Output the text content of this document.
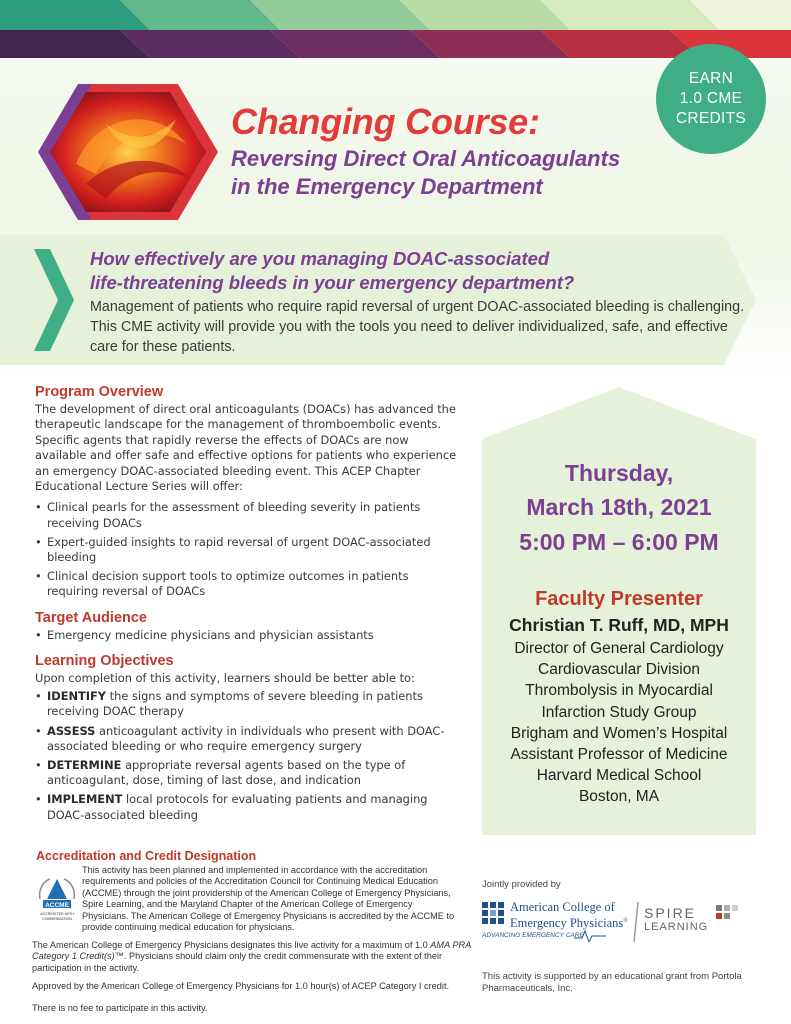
EARN
1.0 CME
CREDITS
Changing Course:
Reversing Direct Oral Anticoagulants
in the Emergency Department
How effectively are you managing DOAC-associated
life-threatening bleeds in your emergency department?
Management of patients who require rapid reversal of urgent DOAC-associated bleeding is challenging. This CME activity will provide you with the tools you need to deliver individualized, safe, and effective care for these patients.
Program Overview
The development of direct oral anticoagulants (DOACs) has advanced the therapeutic landscape for the management of thromboembolic events. Specific agents that rapidly reverse the effects of DOACs are now available and offer safe and effective options for patients who experience an emergency DOAC-associated bleeding event. This ACEP Chapter Educational Lecture Series will offer:
• Clinical pearls for the assessment of bleeding severity in patients receiving DOACs
• Expert-guided insights to rapid reversal of urgent DOAC-associated bleeding
• Clinical decision support tools to optimize outcomes in patients requiring reversal of DOACs
Target Audience
• Emergency medicine physicians and physician assistants
Learning Objectives
Upon completion of this activity, learners should be better able to:
• IDENTIFY the signs and symptoms of severe bleeding in patients receiving DOAC therapy
• ASSESS anticoagulant activity in individuals who present with DOAC-associated bleeding or who require emergency surgery
• DETERMINE appropriate reversal agents based on the type of anticoagulant, dose, timing of last dose, and indication
• IMPLEMENT local protocols for evaluating patients and managing DOAC-associated bleeding
Accreditation and Credit Designation
ACCME
ACCREDITED WITH
COMMENDATION
This activity has been planned and implemented in accordance with the accreditation requirements and policies of the Accreditation Council for Continuing Medical Education (ACCME) through the joint providership of the American College of Emergency Physicians, Spire Learning, and the Maryland Chapter of the American College of Emergency Physicians. The American College of Emergency Physicians is accredited by the ACCME to provide continuing medical education for physicians.
The American College of Emergency Physicians designates this live activity for a maximum of 1.0 AMA PRA Category 1 Credit(s)™. Physicians should claim only the credit commensurate with the extent of their participation in the activity.
Approved by the American College of Emergency Physicians for 1.0 hour(s) of ACEP Category I credit.
There is no fee to participate in this activity.
Thursday,
March 18th, 2021
5:00 PM – 6:00 PM
Faculty Presenter
Christian T. Ruff, MD, MPH
Director of General Cardiology
Cardiovascular Division
Thrombolysis in Myocardial
Infarction Study Group
Brigham and Women’s Hospital
Assistant Professor of Medicine
Harvard Medical School
Boston, MA
Jointly provided by
American College of Emergency Physicians®
ADVANCING EMERGENCY CARE
SPIRE
LEARNING
This activity is supported by an educational grant from Portola Pharmaceuticals, Inc.
